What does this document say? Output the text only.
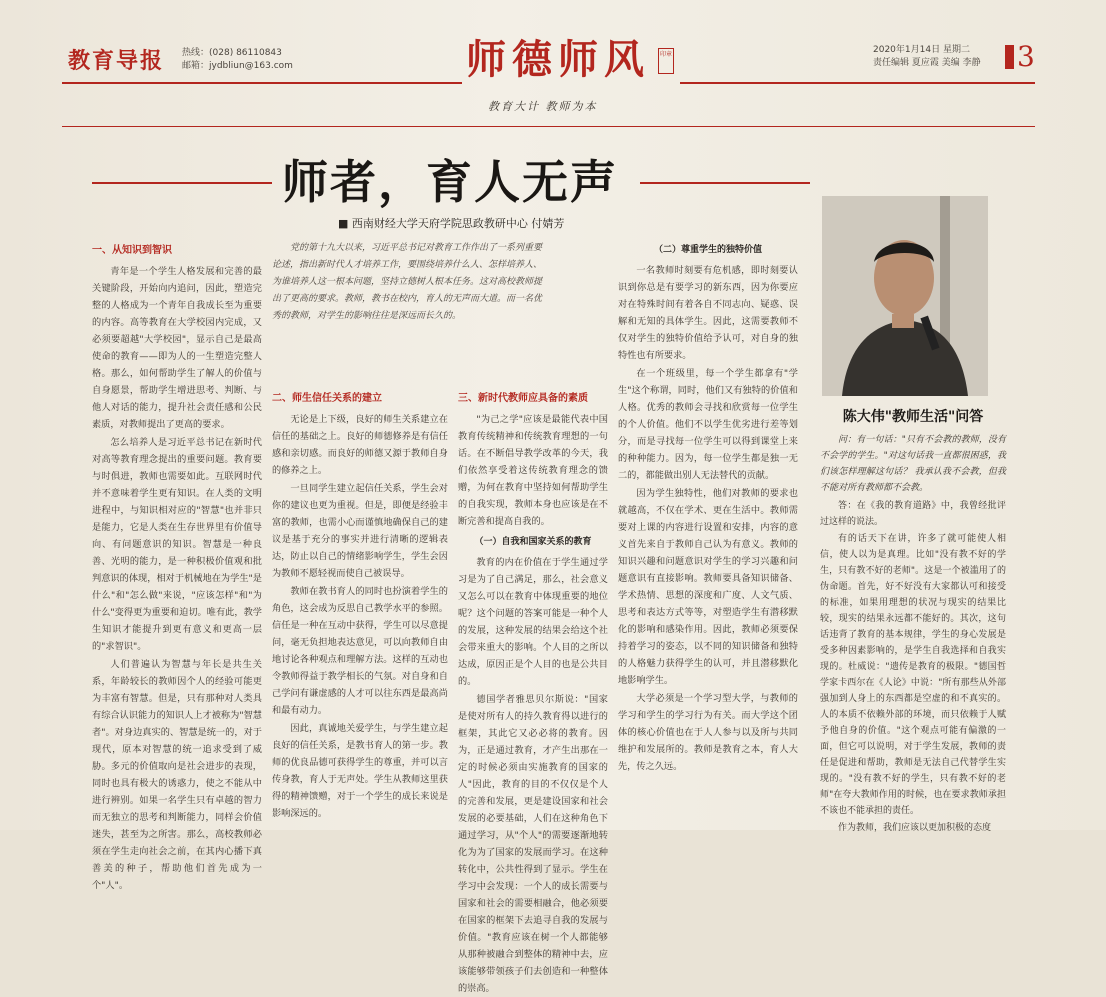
教育导报 热线：(028) 86110843
邮箱：jydbliun@163.com	师德师风	印章
教育大计 教师为本
2020年1月14日 星期二
责任编辑 夏应霞 美编 李静 3
师者，育人无声
■ 西南财经大学天府学院思政教研中心 付婧芳
党的第十九大以来，习近平总书记对教育工作作出了一系列重要论述，指出新时代人才培养工作，要围绕培养什么人、怎样培养人、为谁培养人这一根本问题，坚持立德树人根本任务。这对高校教师提出了更高的要求。教师，教书在校内，育人的无声而大道。而一名优秀的教师，对学生的影响往往是深远而长久的。

一、从知识到智识

青年是一个学生人格发展和完善的最关键阶段，开始向内追问，因此，塑造完整的人格成为一个青年自我成长至为重要的内容。高等教育在大学校园内完成，又必须要超越"大学校园"，显示自己是最高使命的教育——即为人的一生塑造完整人格。那么，如何帮助学生了解人的价值与自身愿景，帮助学生增进思考、判断、与他人对话的能力，提升社会责任感和公民素质，对教师提出了更高的要求。

怎么培养人是习近平总书记在新时代对高等教育理念提出的重要问题。教育要与时俱进，教师也需要如此。互联网时代并不意味着学生更有知识。在人类的文明进程中，与知识相对应的"智慧"也并非只是能力，它是人类在生存世界里有价值导向、有问题意识的知识。智慧是一种良善、光明的能力，是一种积极价值观和批判意识的体现，相对于机械地在为学生"是什么"和"怎么做"来说，"应该怎样"和"为什么"变得更为重要和迫切。唯有此，教学生知识才能提升到更有意义和更高一层的"求智识"。

人们普遍认为智慧与年长是共生关系，年龄较长的教师因个人的经验可能更为丰富有智慧。但是，只有那种对人类具有综合认识能力的知识人上才被称为"智慧者"。对身边真实的、智慧是统一的，对于现代，原本对智慧的统一追求受到了威胁。多元的价值取向是社会进步的表现，同时也具有极大的诱惑力，使之不能从中进行辨别。如果一名学生只有卓越的智力而无独立的思考和判断能力，同样会价值迷失，甚至为之所害。那么，高校教师必须在学生走向社会之前，在其内心播下真善美的种子，帮助他们首先成为一个"人"。

二、师生信任关系的建立

无论是上下级，良好的师生关系建立在信任的基础之上。良好的师德修养是有信任感和亲切感。而良好的师德又源于教师自身的修养之上。

一旦同学生建立起信任关系，学生会对你的建议也更为重视。但是，即便是经验丰富的教师，也需小心而谨慎地确保自己的建议是基于充分的事实并进行清晰的逻辑表达，防止以自己的情绪影响学生，学生会因为教师不愿轻视而使自己被误导。

教师在教书育人的同时也扮演着学生的角色，这会成为反思自己教学水平的参照。信任是一种在互动中获得，学生可以尽意提问，毫无负担地表达意见，可以向教师自由地讨论各种观点和理解方法。这样的互动也令教师得益于教学相长的气氛。对自身和自己学问有谦虚感的人才可以往东西是最高尚和最有动力。

因此，真诚地关爱学生，与学生建立起良好的信任关系，是教书育人的第一步。教师的优良品德可获得学生的尊重，并可以言传身教，育人于无声处。学生从教师这里获得的精神馈赠，对于一个学生的成长来说是影响深远的。

三、新时代教师应具备的素质

"为己之学"应该是最能代表中国教育传统精神和传统教育理想的一句话。在不断倡导教学改革的今天，我们依然享受着这传统教育理念的馈赠，为何在教育中坚持如何帮助学生的自我实现，教师本身也应该是在不断完善和提高自我的。

（一）自我和国家关系的教育

教育的内在价值在于学生通过学习是为了自己满足，那么，社会意义又怎么可以在教育中体现重要的地位呢？这个问题的答案可能是一种个人的发展，这种发展的结果会给这个社会带来重大的影响。个人目的之所以达成，原因正是个人目的也是公共目的。

德国学者雅思贝尔斯说："国家是使对所有人的持久教育得以进行的框架，其此它又必必将的教育。因为，正是通过教育，才产生出那在一定的时候必须由实施教育的国家的人"因此，教育的目的不仅仅是个人的完善和发展，更是建设国家和社会发展的必要基础，人们在这种角色下通过学习，从"个人"的需要逐渐地转化为为了国家的发展而学习。在这种转化中，公共性得到了显示。学生在学习中会发现：一个人的成长需要与国家和社会的需要相融合，他必须要在国家的框架下去追寻自我的发展与价值。"教育应该在树一个人都能够从那种被融合到整体的精神中去，应该能够带领孩子们去创造和一种整体的崇高。

（二）尊重学生的独特价值

一名教师时刻要有危机感，即时刻要认识到你总是有要学习的新东西，因为你要应对在特殊时间有着各自不同志向、疑惑、误解和无知的具体学生。因此，这需要教师不仅对学生的独特价值给予认可，对自身的独特性也有所要求。

在一个班级里，每一个学生都拿有"学生"这个称谓，同时，他们又有独特的价值和人格。优秀的教师会寻找和欣赏每一位学生的个人价值。他们不以学生优劣进行差等划分，而是寻找每一位学生可以得到课堂上来的种种能力。因为，每一位学生都是独一无二的，都能做出别人无法替代的贡献。

因为学生独特性，他们对教师的要求也就越高，不仅在学术、更在生活中。教师需要对上课的内容进行设置和安排，内容的意义首先来自于教师自己认为有意义。教师的知识兴趣和问题意识对学生的学习兴趣和问题意识有直接影响。教师要具备知识储备、学术热情、思想的深度和广度、人文气质、思考和表达方式等等，对塑造学生有潜移默化的影响和感染作用。因此，教师必须要保持着学习的姿态，以不同的知识储备和独特的人格魅力获得学生的认可，并且潜移默化地影响学生。

大学必须是一个学习型大学，与教师的学习和学生的学习行为有关。而大学这个团体的核心价值也在于人人参与以及所与共同维护和发展所的。教师是教育之本，育人大先，传之久远。

陈大伟"教师生活"问答

问：有一句话："只有不会教的教师，没有不会学的学生。"对这句话我一直都很困惑，我们该怎样理解这句话？ 我承认我不会教，但我不能对所有教师都不会教。

答：在《我的教育道路》中，我曾经批评过这样的说法。

有的话天下在讲，许多了就可能使人相信，使人以为是真理。比如"没有教不好的学生，只有教不好的老师"。这是一个被滥用了的伪命题。首先，好不好没有大家都认可和接受的标准，如果用理想的状况与现实的结果比较，现实的结果永远都不能好的。其次，这句话违背了教育的基本规律，学生的身心发展是受多种因素影响的，是学生自我选择和自我实现的。杜威说："遗传是教育的极限。"德国哲学家卡西尔在《人论》中说："所有那些从外部强加到人身上的东西都是空虚的和不真实的。人的本质不依赖外部的环境，而只依赖于人赋予他自身的价值。"这个观点可能有偏激的一面，但它可以说明，对于学生发展，教师的责任是促进和帮助，教师是无法自己代替学生实现的。"没有教不好的学生，只有教不好的老师"在夸大教师作用的时候，也在要求教师承担不该也不能承担的责任。

作为教师，我们应该以更加积极的态度
